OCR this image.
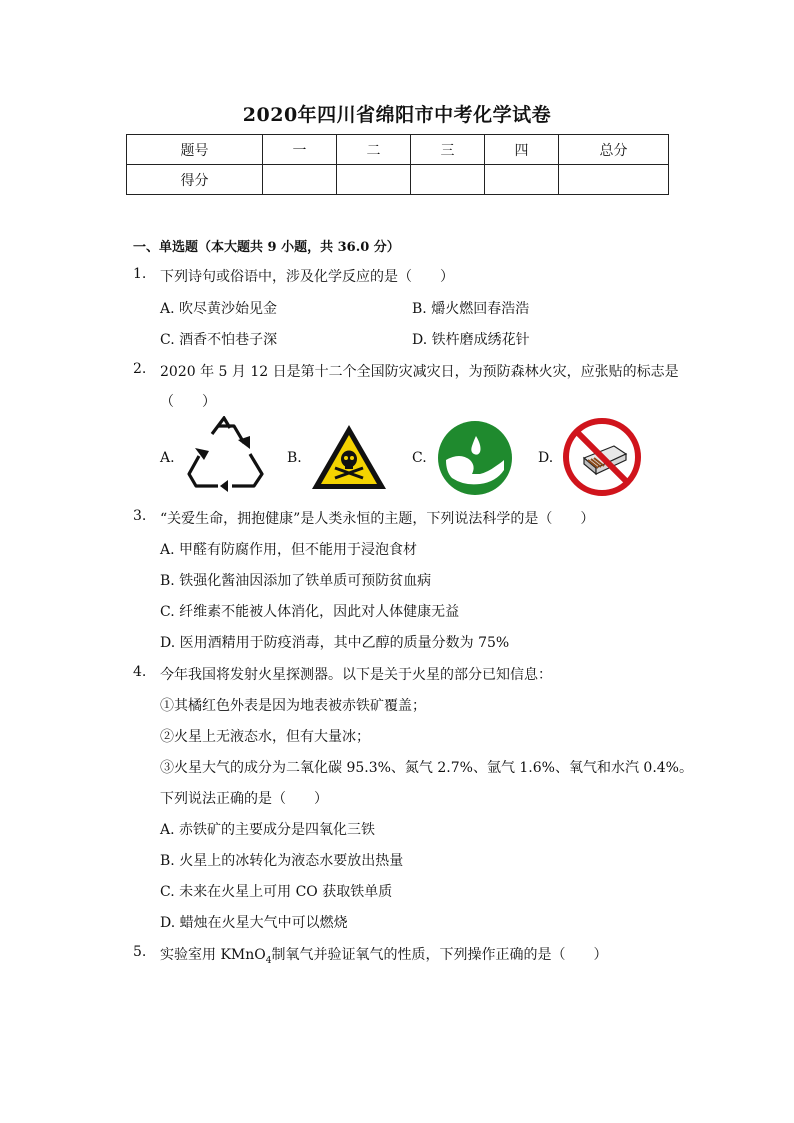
2020年四川省绵阳市中考化学试卷
题号	一	二	三	四	总分
得分					
一、单选题（本大题共 9 小题，共 36.0 分）
1. 下列诗句或俗语中，涉及化学反应的是（　　）
A. 吹尽黄沙始见金	B. 爝火燃回春浩浩
C. 酒香不怕巷子深	D. 铁杵磨成绣花针
2. 2020 年 5 月 12 日是第十二个全国防灾减灾日，为预防森林火灾，应张贴的标志是
（　　）
A.	B.	C.	D.
3. “关爱生命，拥抱健康”是人类永恒的主题，下列说法科学的是（　　）
A. 甲醛有防腐作用，但不能用于浸泡食材
B. 铁强化酱油因添加了铁单质可预防贫血病
C. 纤维素不能被人体消化，因此对人体健康无益
D. 医用酒精用于防疫消毒，其中乙醇的质量分数为 75%
4. 今年我国将发射火星探测器。以下是关于火星的部分已知信息：
①其橘红色外表是因为地表被赤铁矿覆盖；
②火星上无液态水，但有大量冰；
③火星大气的成分为二氧化碳 95.3%、氮气 2.7%、氩气 1.6%、氧气和水汽 0.4%。
下列说法正确的是（　　）
A. 赤铁矿的主要成分是四氧化三铁
B. 火星上的冰转化为液态水要放出热量
C. 未来在火星上可用 CO 获取铁单质
D. 蜡烛在火星大气中可以燃烧
5. 实验室用 KMnO$_4$制氧气并验证氧气的性质，下列操作正确的是（　　）
